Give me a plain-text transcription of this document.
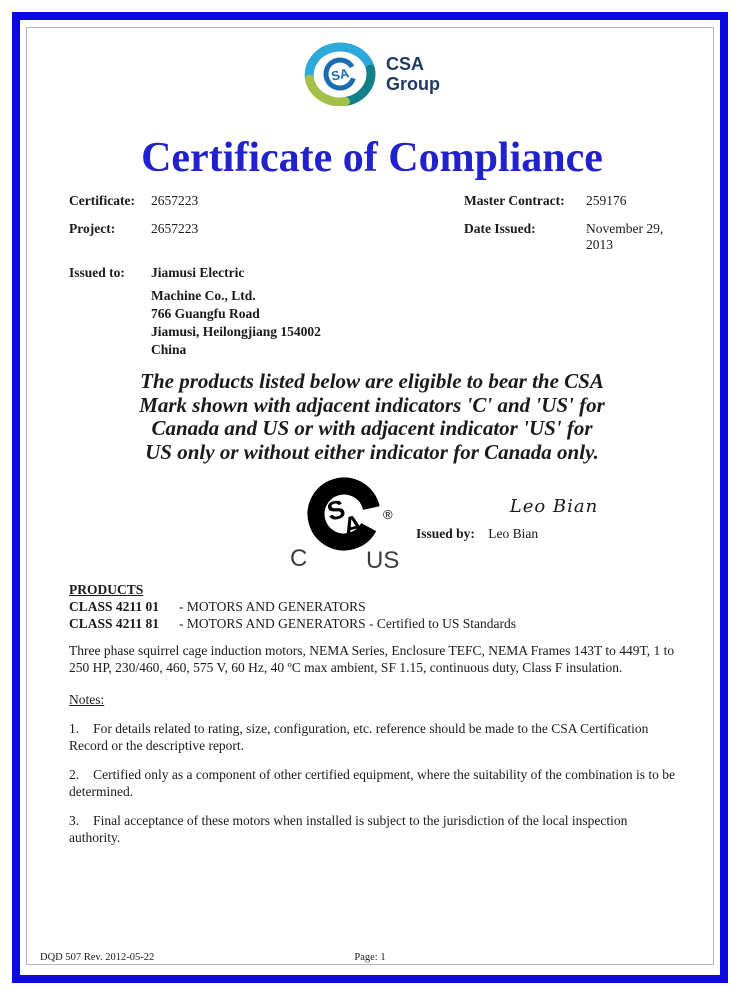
SA
CSA
Group
Certificate of Compliance
Certificate:	2657223	Master Contract:	259176
Project:	2657223	Date Issued:	November 29, 2013
Issued to:	Jiamusi Electric
Machine Co., Ltd.
766 Guangfu Road
Jiamusi, Heilongjiang 154002
China
The products listed below are eligible to bear the CSA
Mark shown with adjacent indicators 'C' and 'US' for
Canada and US or with adjacent indicator 'US' for
US only or without either indicator for Canada only.
S
A ®
C US
Leo Bian
Issued by: Leo Bian
PRODUCTS
CLASS 4211 01	- MOTORS AND GENERATORS
CLASS 4211 81	- MOTORS AND GENERATORS - Certified to US Standards
Three phase squirrel cage induction motors, NEMA Series, Enclosure TEFC, NEMA Frames 143T to 449T, 1 to 250 HP, 230/460, 460, 575 V, 60 Hz, 40 ºC max ambient, SF 1.15, continuous duty, Class F insulation.
Notes:
1. For details related to rating, size, configuration, etc. reference should be made to the CSA Certification Record or the descriptive report.
2. Certified only as a component of other certified equipment, where the suitability of the combination is to be determined.
3. Final acceptance of these motors when installed is subject to the jurisdiction of the local inspection authority.
DQD 507 Rev. 2012-05-22	Page: 1
